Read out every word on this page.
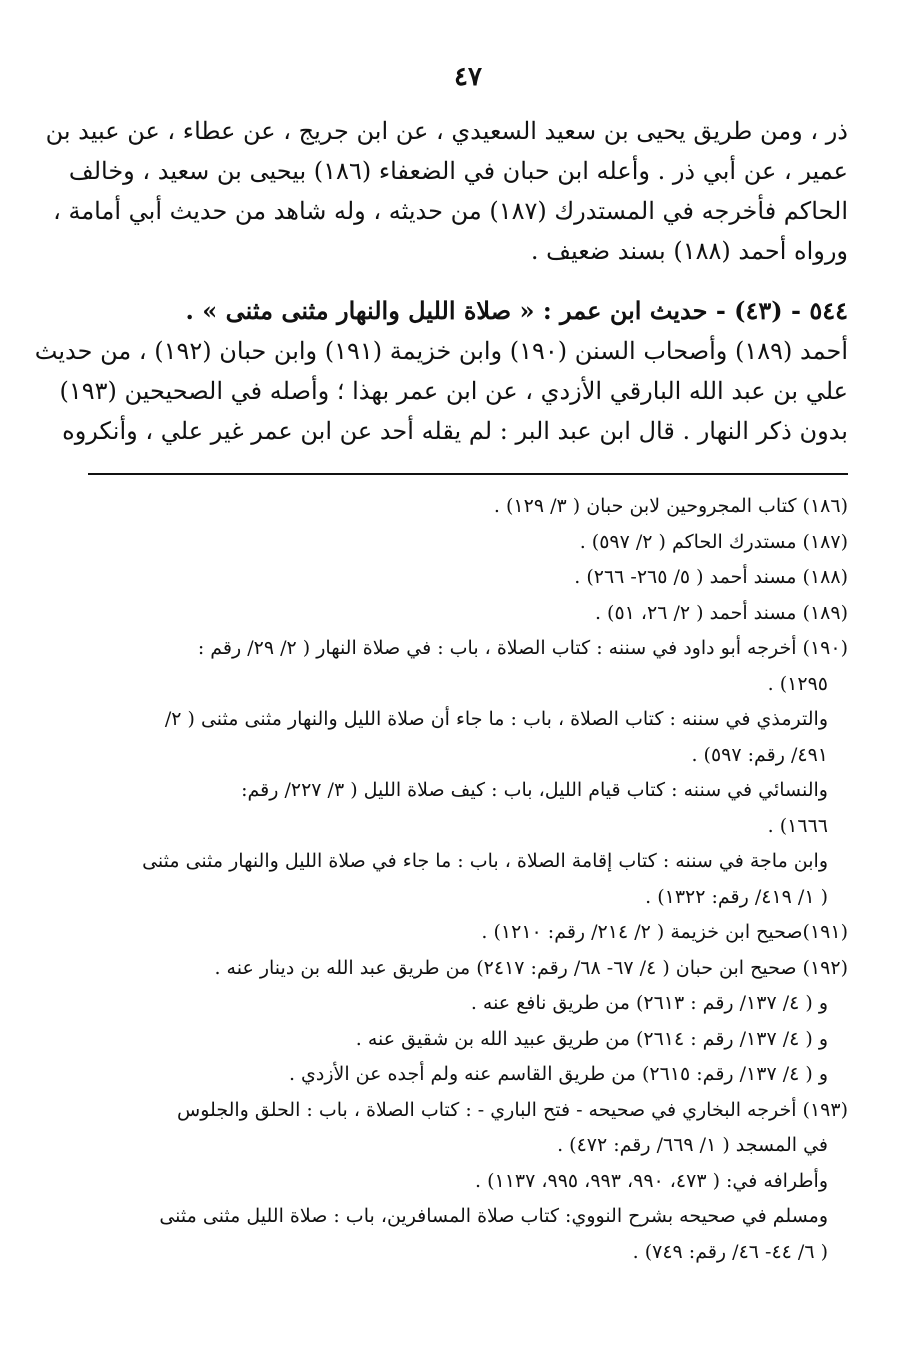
٤٧
ذر ، ومن طريق يحيى بن سعيد السعيدي ، عن ابن جريج ، عن عطاء ، عن عبيد بن
عمير ، عن أبي ذر . وأعله ابن حبان في الضعفاء (١٨٦) بيحيى بن سعيد ، وخالف
الحاكم فأخرجه في المستدرك (١٨٧) من حديثه ، وله شاهد من حديث أبي أمامة ،
ورواه أحمد (١٨٨) بسند ضعيف .
٥٤٤ - (٤٣) - حديث ابن عمر : « صلاة الليل والنهار مثنى مثنى » .
أحمد (١٨٩) وأصحاب السنن (١٩٠) وابن خزيمة (١٩١) وابن حبان (١٩٢) ، من حديث
علي بن عبد الله البارقي الأزدي ، عن ابن عمر بهذا ؛ وأصله في الصحيحين (١٩٣)
بدون ذكر النهار . قال ابن عبد البر : لم يقله أحد عن ابن عمر غير علي ، وأنكروه
(١٨٦) كتاب المجروحين لابن حبان ( ٣/ ١٢٩) .
(١٨٧) مستدرك الحاكم ( ٢/ ٥٩٧) .
(١٨٨) مسند أحمد ( ٥/ ٢٦٥- ٢٦٦) .
(١٨٩) مسند أحمد ( ٢/ ٢٦، ٥١) .
(١٩٠) أخرجه أبو داود في سننه : كتاب الصلاة ، باب : في صلاة النهار ( ٢/ ٢٩/ رقم :
١٢٩٥) .
والترمذي في سننه : كتاب الصلاة ، باب : ما جاء أن صلاة الليل والنهار مثنى مثنى ( ٢/
٤٩١/ رقم: ٥٩٧) .
والنسائي في سننه : كتاب قيام الليل، باب : كيف صلاة الليل ( ٣/ ٢٢٧/ رقم:
١٦٦٦) .
وابن ماجة في سننه : كتاب إقامة الصلاة ، باب : ما جاء في صلاة الليل والنهار مثنى مثنى
( ١/ ٤١٩/ رقم: ١٣٢٢) .
(١٩١)صحيح ابن خزيمة ( ٢/ ٢١٤/ رقم: ١٢١٠) .
(١٩٢) صحيح ابن حبان ( ٤/ ٦٧- ٦٨/ رقم: ٢٤١٧) من طريق عبد الله بن دينار عنه .
و ( ٤/ ١٣٧/ رقم : ٢٦١٣) من طريق نافع عنه .
و ( ٤/ ١٣٧/ رقم : ٢٦١٤) من طريق عبيد الله بن شقيق عنه .
و ( ٤/ ١٣٧/ رقم: ٢٦١٥) من طريق القاسم عنه ولم أجده عن الأزدي .
(١٩٣) أخرجه البخاري في صحيحه - فتح الباري - : كتاب الصلاة ، باب : الحلق والجلوس
في المسجد ( ١/ ٦٦٩/ رقم: ٤٧٢) .
وأطرافه في: ( ٤٧٣، ٩٩٠، ٩٩٣، ٩٩٥، ١١٣٧) .
ومسلم في صحيحه بشرح النووي: كتاب صلاة المسافرين، باب : صلاة الليل مثنى مثنى
( ٦/ ٤٤- ٤٦/ رقم: ٧٤٩) .
